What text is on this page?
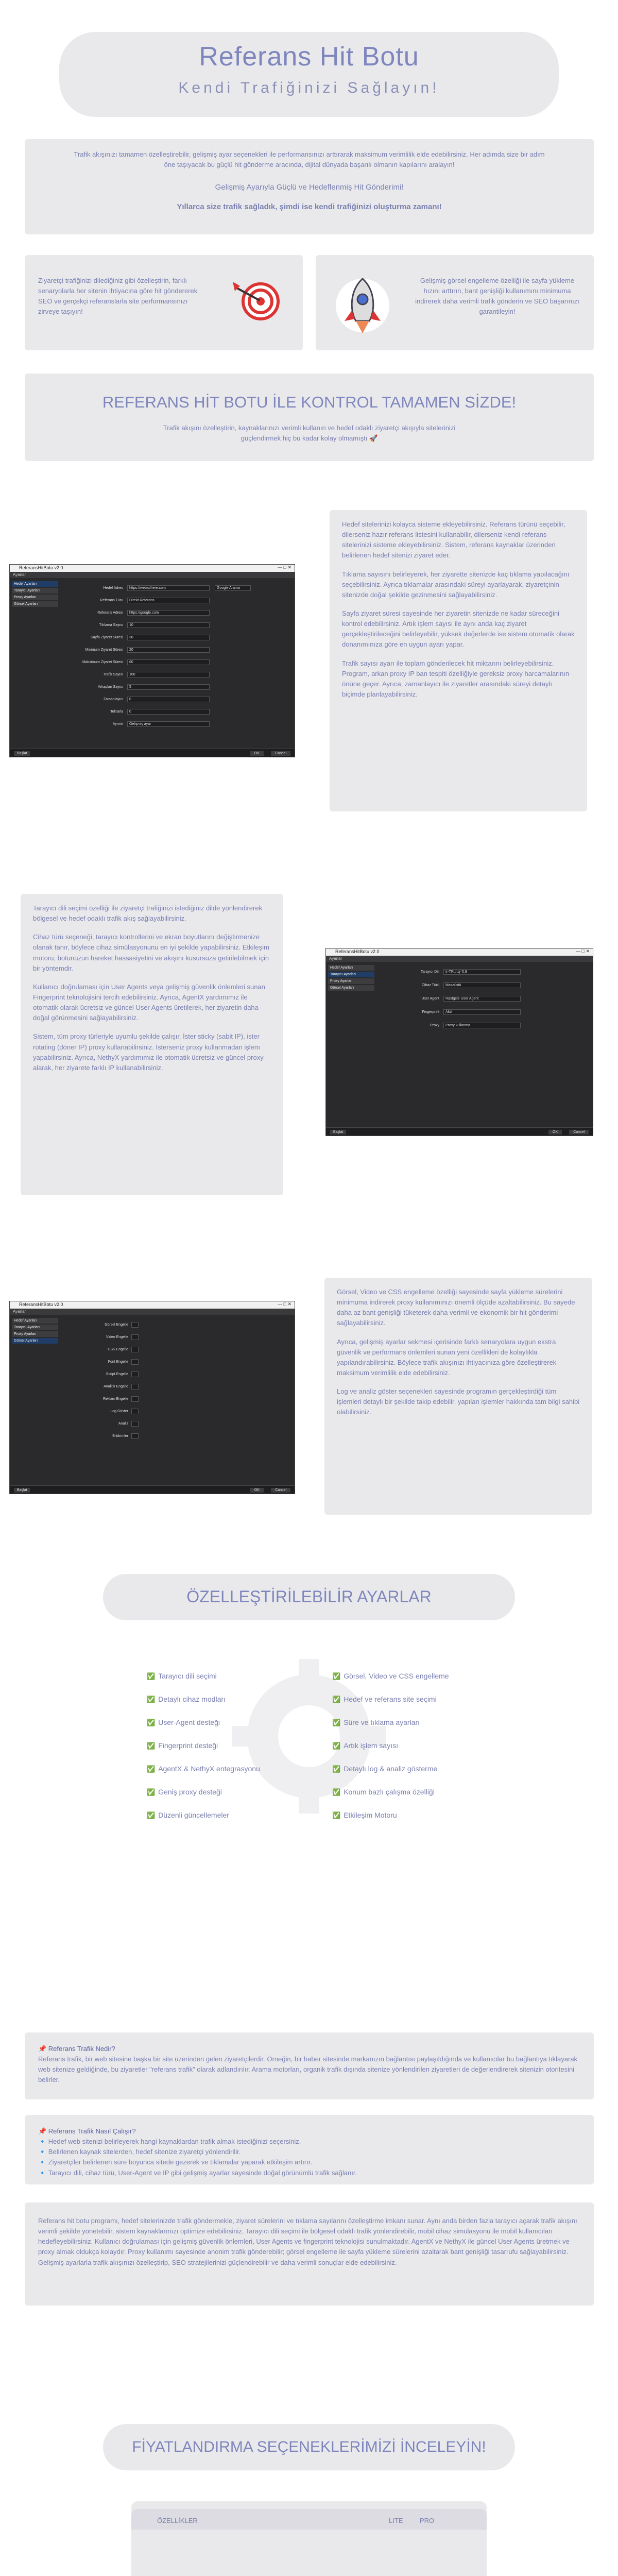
Referans Hit Botu
Kendi Trafiğinizi Sağlayın!

Trafik akışınızı tamamen özelleştirebilir, gelişmiş ayar seçenekleri ile performansınızı arttırarak maksimum verimlilik elde edebilirsiniz. Her adımda size bir adım öne taşıyacak bu güçlü hit gönderme aracında, dijital dünyada başarılı olmanın kapılarını aralayın!

Gelişmiş Ayarıyla Güçlü ve Hedeflenmiş Hit Gönderimi!

Yıllarca size trafik sağladık, şimdi ise kendi trafiğinizi oluşturma zamanı!

Ziyaretçi trafiğinizi dilediğiniz gibi özelleştirin, farklı senaryolarla her sitenin ihtiyacına göre hit göndererek SEO ve gerçekçi referanslarla site performansınızı zirveye taşıyın!

Gelişmiş görsel engelleme özelliği ile sayfa yükleme hızını arttırın, bant genişliği kullanımını minimuma indirerek daha verimli trafik gönderin ve SEO başarınızı garantileyin!

REFERANS HİT BOTU İLE KONTROL TAMAMEN SİZDE!

Trafik akışını özelleştirin, kaynaklarınızı verimli kullanın ve hedef odaklı ziyaretçi akışıyla sitelerinizi güçlendirmek hiç bu kadar kolay olmamıştı 🚀

ReferansHitBotu v2.0	— □ ✕
Ayarlar
Hedef Ayarları
Tarayıcı Ayarları
Proxy Ayarları
Görsel Ayarları
Başlat	OK	Cancel
Hedef Adres	https://webadhere.com	Google Arama
Referans Türü	Direkt Referans
Referans Adresi	https://google.com
Tıklama Sayısı	10
Sayfa Ziyaret Süresi	30
Minimum Ziyaret Süresi	20
Maksimum Ziyaret Süresi	60
Trafik Sayısı	100
Arkaplan Sayısı	5
Zamanlayıcı	0
Tekrarla	0
Ayrıntı	Gelişmiş ayar

Hedef sitelerinizi kolayca sisteme ekleyebilirsiniz. Referans türünü seçebilir, dilerseniz hazır referans listesini kullanabilir, dilerseniz kendi referans sitelerinizi sisteme ekleyebilirsiniz. Sistem, referans kaynaklar üzerinden belirlenen hedef sitenizi ziyaret eder.

Tıklama sayısını belirleyerek, her ziyarette sitenizde kaç tıklama yapılacağını seçebilirsiniz. Ayrıca tıklamalar arasındaki süreyi ayarlayarak, ziyaretçinin sitenizde doğal şekilde gezinmesini sağlayabilirsiniz.

Sayfa ziyaret süresi sayesinde her ziyaretin sitenizde ne kadar süreceğini kontrol edebilirsiniz. Artık işlem sayısı ile aynı anda kaç ziyaret gerçekleştirileceğini belirleyebilir, yüksek değerlerde ise sistem otomatik olarak donanımınıza göre en uygun ayarı yapar.

Trafik sayısı ayarı ile toplam gönderilecek hit miktarını belirleyebilirsiniz. Program, arkan proxy IP ban tespiti özelliğiyle gereksiz proxy harcamalarının önüne geçer. Ayrıca, zamanlayıcı ile ziyaretler arasındaki süreyi detaylı biçimde planlayabilirsiniz.

Tarayıcı dili seçimi özelliği ile ziyaretçi trafiğinizi istediğiniz dilde yönlendirerek bölgesel ve hedef odaklı trafik akış sağlayabilirsiniz.

Cihaz türü seçeneği, tarayıcı kontrollerini ve ekran boyutlarını değiştirmenize olanak tanır, böylece cihaz simülasyonunu en iyi şekilde yapabilirsiniz. Etkileşim motoru, botunuzun hareket hassasiyetini ve akışını kusursuza getirilebilmek için bir yöntemdir.

Kullanıcı doğrulaması için User Agents veya gelişmiş güvenlik önlemleri sunan Fingerprint teknolojisini tercih edebilirsiniz. Ayrıca, AgentX yardımımız ile otomatik olarak ücretsiz ve güncel User Agents üretilerek, her ziyaretin daha doğal görünmesini sağlayabilirsiniz.

Sistem, tüm proxy türleriyle uyumlu şekilde çalışır. İster sticky (sabit IP), ister rotating (döner IP) proxy kullanabilirsiniz. İsterseniz proxy kullanmadan işlem yapabilirsiniz. Ayrıca, NethyX yardımımız ile otomatik ücretsiz ve güncel proxy alarak, her ziyarete farklı IP kullanabilirsiniz.

ReferansHitBotu v2.0	— □ ✕
Ayarlar
Hedef Ayarları
Tarayıcı Ayarları
Proxy Ayarları
Görsel Ayarları
Başlat	OK	Cancel
Tarayıcı Dili	tr-TR,tr;q=0.9
Cihaz Türü	Masaüstü
User Agent	Rastgele User Agent
Fingerprint	Aktif
Proxy	Proxy kullanma
ReferansHitBotu v2.0	— □ ✕
Ayarlar
Hedef Ayarları
Tarayıcı Ayarları
Proxy Ayarları
Görsel Ayarları
Başlat	OK	Cancel
Görsel Engelle
Video Engelle
CSS Engelle
Font Engelle
Script Engelle
Analitik Engelle
Reklam Engelle
Log Göster
Analiz
Bildirimler

Görsel, Video ve CSS engelleme özelliği sayesinde sayfa yükleme sürelerini minimuma indirerek proxy kullanımınızı önemli ölçüde azaltabilirsiniz. Bu sayede daha az bant genişliği tüketerek daha verimli ve ekonomik bir hit gönderimi sağlayabilirsiniz.

Ayrıca, gelişmiş ayarlar sekmesi içerisinde farklı senaryolara uygun ekstra güvenlik ve performans önlemleri sunan yeni özellikleri de kolaylıkla yapılandırabilirsiniz. Böylece trafik akışınızı ihtiyacınıza göre özelleştirerek maksimum verimlilik elde edebilirsiniz.

Log ve analiz göster seçenekleri sayesinde programın gerçekleştirdiği tüm işlemleri detaylı bir şekilde takip edebilir, yapılan işlemler hakkında tam bilgi sahibi olabilirsiniz.

ÖZELLEŞTİRİLEBİLİR AYARLAR
✅ Tarayıcı dili seçimi
✅ Detaylı cihaz modları
✅ User-Agent desteği
✅ Fingerprint desteği
✅ AgentX & NethyX entegrasyonu
✅ Geniş proxy desteği
✅ Düzenli güncellemeler
✅ Görsel, Video ve CSS engelleme
✅ Hedef ve referans site seçimi
✅ Süre ve tıklama ayarları
✅ Artık işlem sayısı
✅ Detaylı log & analiz gösterme
✅ Konum bazlı çalışma özelliği
✅ Etkileşim Motoru

📌 Referans Trafik Nedir?

Referans trafik, bir web sitesine başka bir site üzerinden gelen ziyaretçilerdir. Örneğin, bir haber sitesinde markanızın bağlantısı paylaşıldığında ve kullanıcılar bu bağlantıya tıklayarak web sitenize geldiğinde, bu ziyaretler "referans trafik" olarak adlandırılır. Arama motorları, organik trafik dışında sitenize yönlendirilen ziyaretleri de değerlendirerek sitenizin otoritesini belirler.

📌 Referans Trafik Nasıl Çalışır?

🔹 Hedef web sitenizi belirleyerek hangi kaynaklardan trafik almak istediğinizi seçersiniz.

🔹 Belirlenen kaynak sitelerden, hedef sitenize ziyaretçi yönlendirilir.

🔹 Ziyaretçiler belirlenen süre boyunca sitede gezerek ve tıklamalar yaparak etkileşim artırır.

🔹 Tarayıcı dili, cihaz türü, User-Agent ve IP gibi gelişmiş ayarlar sayesinde doğal görünümlü trafik sağlanır.

Referans hit botu programı, hedef sitelerinizde trafik göndermekle, ziyaret sürelerini ve tıklama sayılarını özelleştirme imkanı sunar. Aynı anda birden fazla tarayıcı açarak trafik akışını verimli şekilde yönetebilir, sistem kaynaklarınızı optimize edebilirsiniz. Tarayıcı dili seçimi ile bölgesel odaklı trafik yönlendirebilir, mobil cihaz simülasyonu ile mobil kullanıcıları hedefleyebilirsiniz. Kullanıcı doğrulaması için gelişmiş güvenlik önlemleri, User Agents ve fingerprint teknolojisi sunulmaktadır. AgentX ve NethyX ile güncel User Agents üretmek ve proxy almak oldukça kolaydır. Proxy kullanımı sayesinde anonim trafik gönderebilir; görsel engelleme ile sayfa yükleme sürelerini azaltarak bant genişliği tasarrufu sağlayabilirsiniz. Gelişmiş ayarlarla trafik akışınızı özelleştirip, SEO stratejilerinizi güçlendirebilir ve daha verimli sonuçlar elde edebilirsiniz.

FİYATLANDIRMA SEÇENEKLERİMİZİ İNCELEYİN!
ÖZELLİKLER	LITE	PRO
